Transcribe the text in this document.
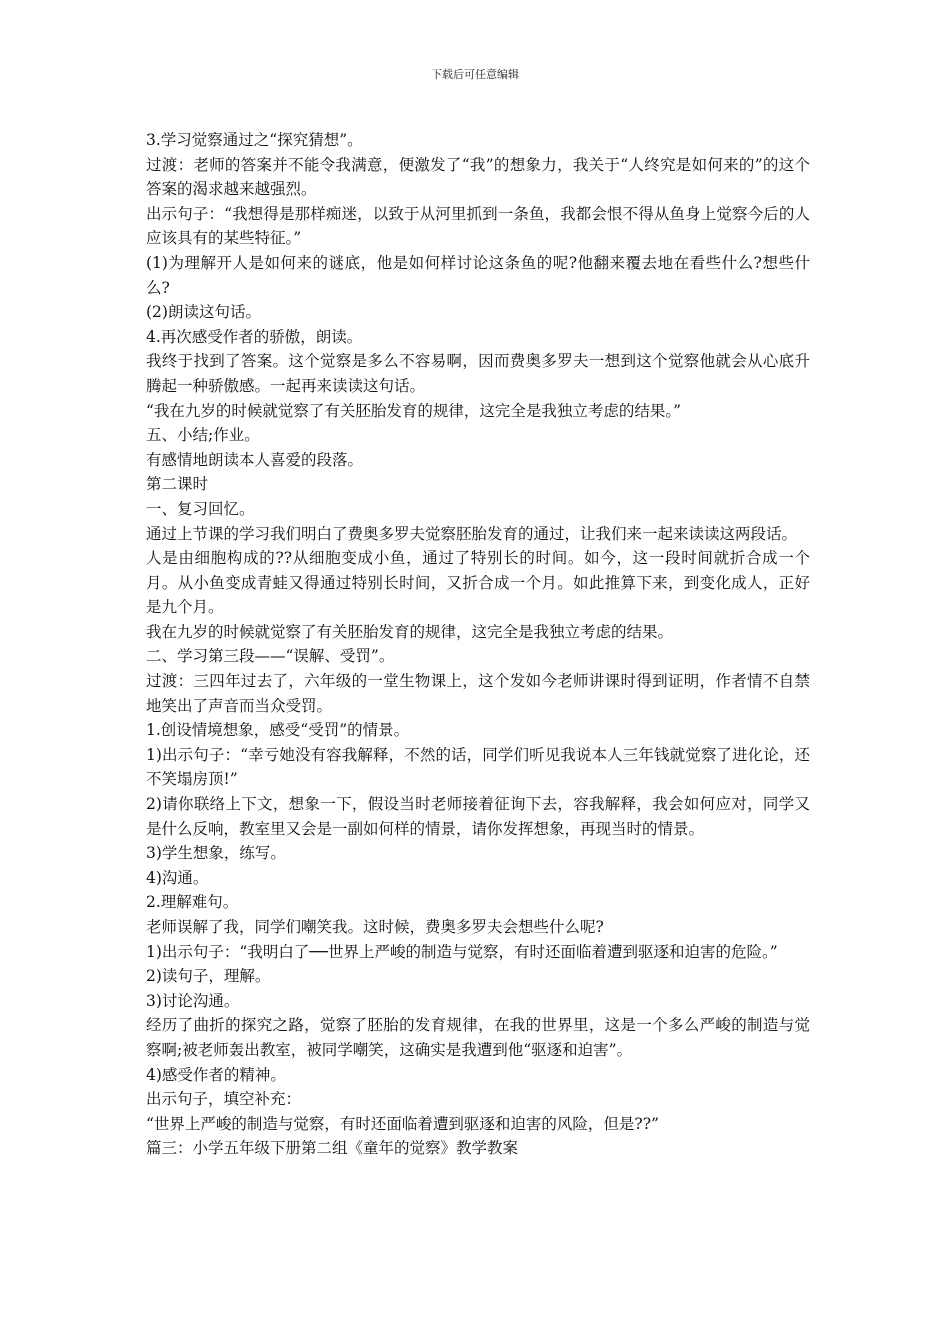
下载后可任意编辑

3.学习觉察通过之“探究猜想”。

过渡：老师的答案并不能令我满意，便激发了“我”的想象力，我关于“人终究是如何来的”的这个答案的渴求越来越强烈。

出示句子：“我想得是那样痴迷，以致于从河里抓到一条鱼，我都会恨不得从鱼身上觉察今后的人应该具有的某些特征。”

(1)为理解开人是如何来的谜底，他是如何样讨论这条鱼的呢?他翻来覆去地在看些什么?想些什么?

(2)朗读这句话。

4.再次感受作者的骄傲，朗读。

我终于找到了答案。这个觉察是多么不容易啊，因而费奥多罗夫一想到这个觉察他就会从心底升腾起一种骄傲感。一起再来读读这句话。

“我在九岁的时候就觉察了有关胚胎发育的规律，这完全是我独立考虑的结果。”

五、小结;作业。

有感情地朗读本人喜爱的段落。

第二课时

一、复习回忆。

通过上节课的学习我们明白了费奥多罗夫觉察胚胎发育的通过，让我们来一起来读读这两段话。

人是由细胞构成的??从细胞变成小鱼，通过了特别长的时间。如今，这一段时间就折合成一个月。从小鱼变成青蛙又得通过特别长时间，又折合成一个月。如此推算下来，到变化成人，正好是九个月。

我在九岁的时候就觉察了有关胚胎发育的规律，这完全是我独立考虑的结果。

二、学习第三段——“误解、受罚”。

过渡：三四年过去了，六年级的一堂生物课上，这个发如今老师讲课时得到证明，作者情不自禁地笑出了声音而当众受罚。

1.创设情境想象，感受“受罚”的情景。

1)出示句子：“幸亏她没有容我解释，不然的话，同学们听见我说本人三年钱就觉察了进化论，还不笑塌房顶!”

2)请你联络上下文，想象一下，假设当时老师接着征询下去，容我解释，我会如何应对，同学又是什么反响，教室里又会是一副如何样的情景，请你发挥想象，再现当时的情景。

3)学生想象，练写。

4)沟通。

2.理解难句。

老师误解了我，同学们嘲笑我。这时候，费奥多罗夫会想些什么呢?

1)出示句子：“我明白了──世界上严峻的制造与觉察，有时还面临着遭到驱逐和迫害的危险。”

2)读句子，理解。

3)讨论沟通。

经历了曲折的探究之路，觉察了胚胎的发育规律，在我的世界里，这是一个多么严峻的制造与觉察啊;被老师轰出教室，被同学嘲笑，这确实是我遭到他“驱逐和迫害”。

4)感受作者的精神。

出示句子，填空补充：

“世界上严峻的制造与觉察，有时还面临着遭到驱逐和迫害的风险，但是??”

篇三：小学五年级下册第二组《童年的觉察》教学教案
